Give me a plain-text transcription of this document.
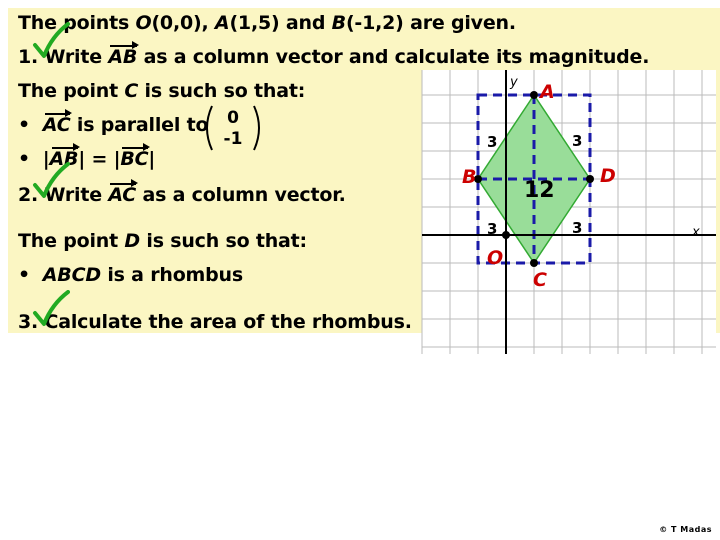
The points O(0,0), A(1,5) and B(-1,2) are given.
1. Write AB as a column vector and calculate its magnitude.
The point C is such so that:
• AC is parallel to 0
-1
• |AB| = |BC|
2. Write AC as a column vector.
The point D is such so that:
• ABCD is a rhombus
3. Calculate the area of the rhombus.
y
x
A
B
C
D
O
12
3	3
3	3
© T Madas
